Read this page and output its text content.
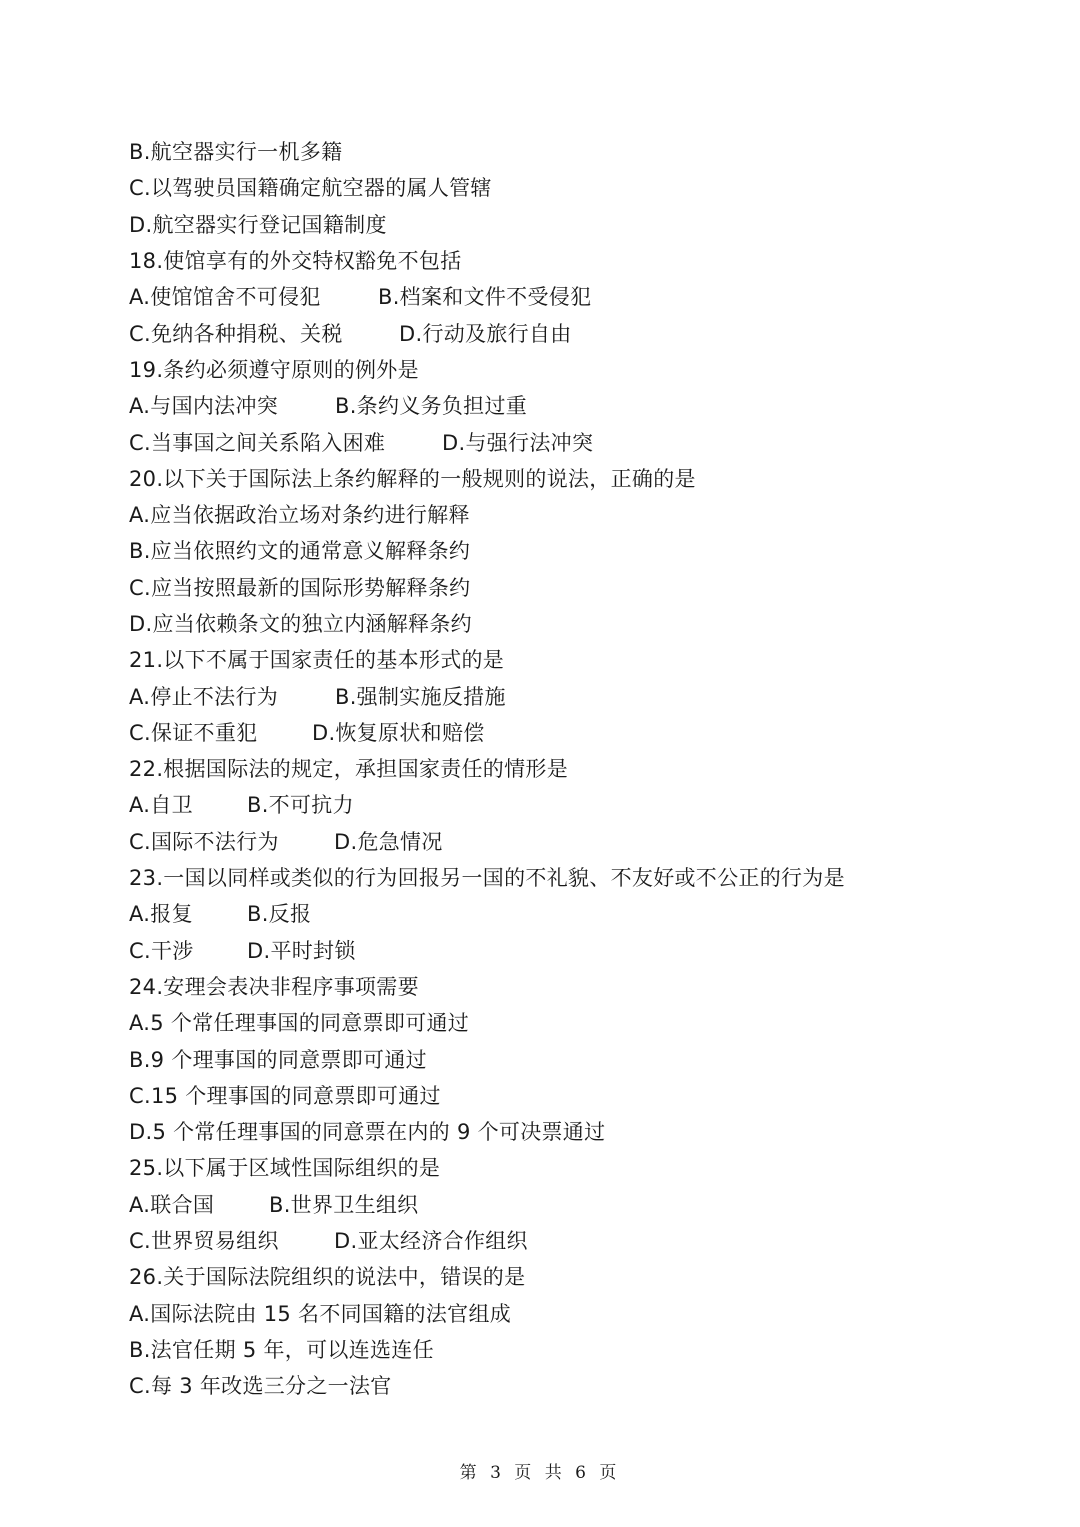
B.航空器实行一机多籍
C.以驾驶员国籍确定航空器的属人管辖
D.航空器实行登记国籍制度
18.使馆享有的外交特权豁免不包括
A.使馆馆舍不可侵犯	B.档案和文件不受侵犯
C.免纳各种捐税、关税	D.行动及旅行自由
19.条约必须遵守原则的例外是
A.与国内法冲突	B.条约义务负担过重
C.当事国之间关系陷入困难	D.与强行法冲突
20.以下关于国际法上条约解释的一般规则的说法，正确的是
A.应当依据政治立场对条约进行解释
B.应当依照约文的通常意义解释条约
C.应当按照最新的国际形势解释条约
D.应当依赖条文的独立内涵解释条约
21.以下不属于国家责任的基本形式的是
A.停止不法行为	B.强制实施反措施
C.保证不重犯	D.恢复原状和赔偿
22.根据国际法的规定，承担国家责任的情形是
A.自卫	B.不可抗力
C.国际不法行为	D.危急情况
23.一国以同样或类似的行为回报另一国的不礼貌、不友好或不公正的行为是
A.报复	B.反报
C.干涉	D.平时封锁
24.安理会表决非程序事项需要
A.5 个常任理事国的同意票即可通过
B.9 个理事国的同意票即可通过
C.15 个理事国的同意票即可通过
D.5 个常任理事国的同意票在内的 9 个可决票通过
25.以下属于区域性国际组织的是
A.联合国	B.世界卫生组织
C.世界贸易组织	D.亚太经济合作组织
26.关于国际法院组织的说法中，错误的是
A.国际法院由 15 名不同国籍的法官组成
B.法官任期 5 年，可以连选连任
C.每 3 年改选三分之一法官
第 3 页 共 6 页
